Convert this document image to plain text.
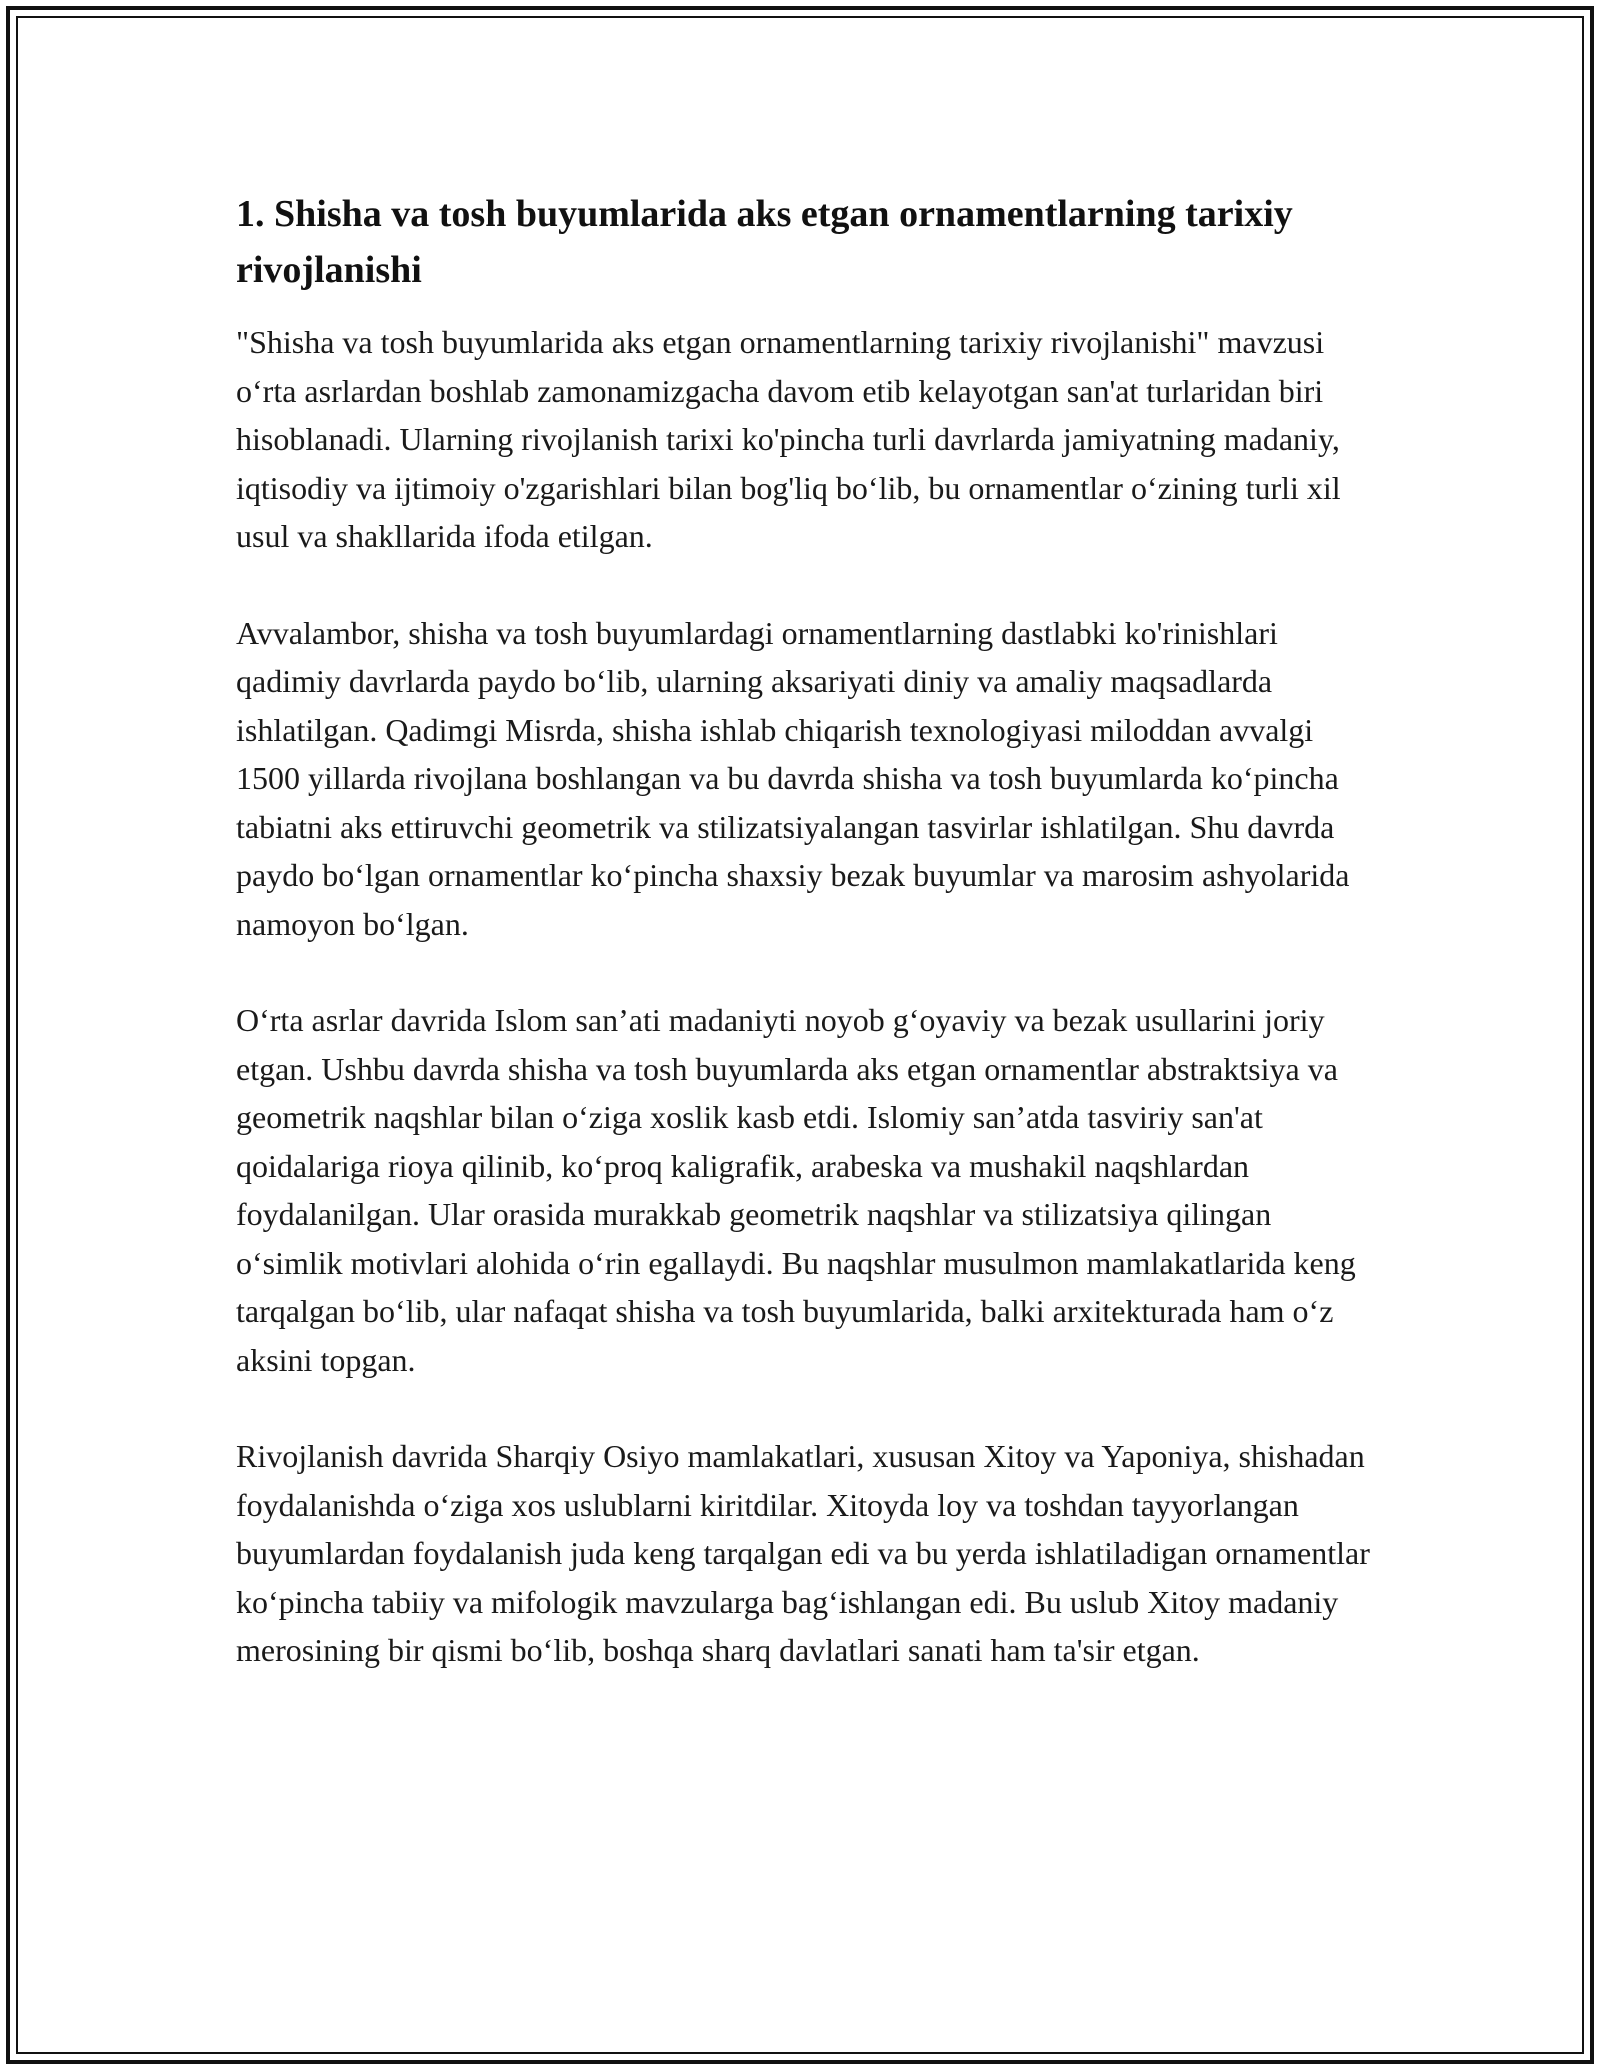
1. Shisha va tosh buyumlarida aks etgan ornamentlarning tarixiy rivojlanishi

"Shisha va tosh buyumlarida aks etgan ornamentlarning tarixiy rivojlanishi" mavzusi o‘rta asrlardan boshlab zamonamizgacha davom etib kelayotgan san'at turlaridan biri hisoblanadi. Ularning rivojlanish tarixi ko'pincha turli davrlarda jamiyatning madaniy, iqtisodiy va ijtimoiy o'zgarishlari bilan bog'liq bo‘lib, bu ornamentlar o‘zining turli xil usul va shakllarida ifoda etilgan.

Avvalambor, shisha va tosh buyumlardagi ornamentlarning dastlabki ko'rinishlari qadimiy davrlarda paydo bo‘lib, ularning aksariyati diniy va amaliy maqsadlarda ishlatilgan. Qadimgi Misrda, shisha ishlab chiqarish texnologiyasi miloddan avvalgi 1500 yillarda rivojlana boshlangan va bu davrda shisha va tosh buyumlarda ko‘pincha tabiatni aks ettiruvchi geometrik va stilizatsiyalangan tasvirlar ishlatilgan. Shu davrda paydo bo‘lgan ornamentlar ko‘pincha shaxsiy bezak buyumlar va marosim ashyolarida namoyon bo‘lgan.

O‘rta asrlar davrida Islom san’ati madaniyti noyob g‘oyaviy va bezak usullarini joriy etgan. Ushbu davrda shisha va tosh buyumlarda aks etgan ornamentlar abstraktsiya va geometrik naqshlar bilan o‘ziga xoslik kasb etdi. Islomiy san’atda tasviriy san'at qoidalariga rioya qilinib, ko‘proq kaligrafik, arabeska va mushakil naqshlardan foydalanilgan. Ular orasida murakkab geometrik naqshlar va stilizatsiya qilingan o‘simlik motivlari alohida o‘rin egallaydi. Bu naqshlar musulmon mamlakatlarida keng tarqalgan bo‘lib, ular nafaqat shisha va tosh buyumlarida, balki arxitekturada ham o‘z aksini topgan.

Rivojlanish davrida Sharqiy Osiyo mamlakatlari, xususan Xitoy va Yaponiya, shishadan foydalanishda o‘ziga xos uslublarni kiritdilar. Xitoyda loy va toshdan tayyorlangan buyumlardan foydalanish juda keng tarqalgan edi va bu yerda ishlatiladigan ornamentlar ko‘pincha tabiiy va mifologik mavzularga bag‘ishlangan edi. Bu uslub Xitoy madaniy merosining bir qismi bo‘lib, boshqa sharq davlatlari sanati ham ta'sir etgan.
